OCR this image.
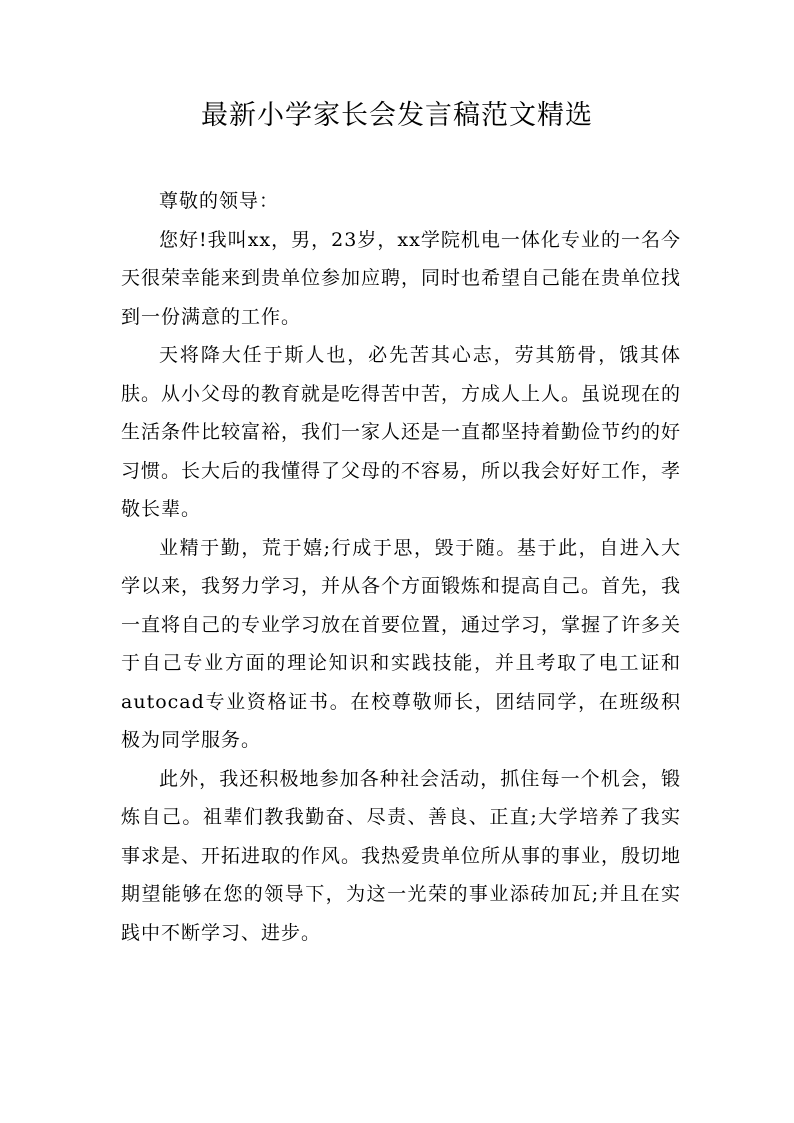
最新小学家长会发言稿范文精选

尊敬的领导：

您好!我叫xx，男，23岁，xx学院机电一体化专业的一名今天很荣幸能来到贵单位参加应聘，同时也希望自己能在贵单位找到一份满意的工作。

天将降大任于斯人也，必先苦其心志，劳其筋骨，饿其体肤。从小父母的教育就是吃得苦中苦，方成人上人。虽说现在的生活条件比较富裕，我们一家人还是一直都坚持着勤俭节约的好习惯。长大后的我懂得了父母的不容易，所以我会好好工作，孝敬长辈。

业精于勤，荒于嬉;行成于思，毁于随。基于此，自进入大学以来，我努力学习，并从各个方面锻炼和提高自己。首先，我一直将自己的专业学习放在首要位置，通过学习，掌握了许多关于自己专业方面的理论知识和实践技能，并且考取了电工证和autocad专业资格证书。在校尊敬师长，团结同学，在班级积极为同学服务。

此外，我还积极地参加各种社会活动，抓住每一个机会，锻炼自己。祖辈们教我勤奋、尽责、善良、正直;大学培养了我实事求是、开拓进取的作风。我热爱贵单位所从事的事业，殷切地期望能够在您的领导下，为这一光荣的事业添砖加瓦;并且在实践中不断学习、进步。
